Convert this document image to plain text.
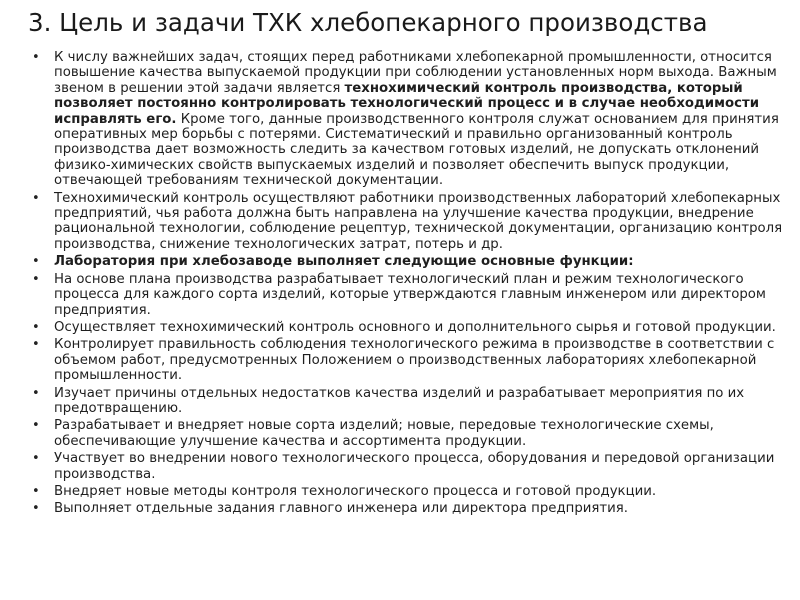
3. Цель и задачи ТХК хлебопекарного производства
• К числу важнейших задач, стоящих перед работниками хлебопекарной промышленности, относится повышение качества выпускаемой продукции при соблюдении установленных норм выхода. Важным звеном в решении этой задачи является технохимический контроль производства, который позволяет постоянно контролировать технологический процесс и в случае необходимости исправлять его. Кроме того, данные производственного контроля служат основанием для принятия оперативных мер борьбы с потерями. Систематический и правильно организованный контроль производства дает возможность следить за качеством готовых изделий, не допускать отклонений физико-химических свойств выпускаемых изделий и позволяет обеспечить выпуск продукции, отвечающей требованиям технической документации.
• Технохимический контроль осуществляют работники производственных лабораторий хлебопекарных предприятий, чья работа должна быть направлена на улучшение качества продукции, внедрение рациональной технологии, соблюдение рецептур, технической документации, организацию контроля производства, снижение технологических затрат, потерь и др.
• Лаборатория при хлебозаводе выполняет следующие основные функции:
• На основе плана производства разрабатывает технологический план и режим технологического процесса для каждого сорта изделий, которые утверждаются главным инженером или директором предприятия.
• Осуществляет технохимический контроль основного и дополнительного сырья и готовой продукции.
• Контролирует правильность соблюдения технологического режима в производстве в соответствии с объемом работ, предусмотренных Положением о производственных лабораториях хлебопекарной промышленности.
• Изучает причины отдельных недостатков качества изделий и разрабатывает мероприятия по их предотвращению.
• Разрабатывает и внедряет новые сорта изделий; новые, передовые технологические схемы, обеспечивающие улучшение качества и ассортимента продукции.
• Участвует во внедрении нового технологического процесса, оборудования и передовой организации производства.
• Внедряет новые методы контроля технологического процесса и готовой продукции.
• Выполняет отдельные задания главного инженера или директора предприятия.
